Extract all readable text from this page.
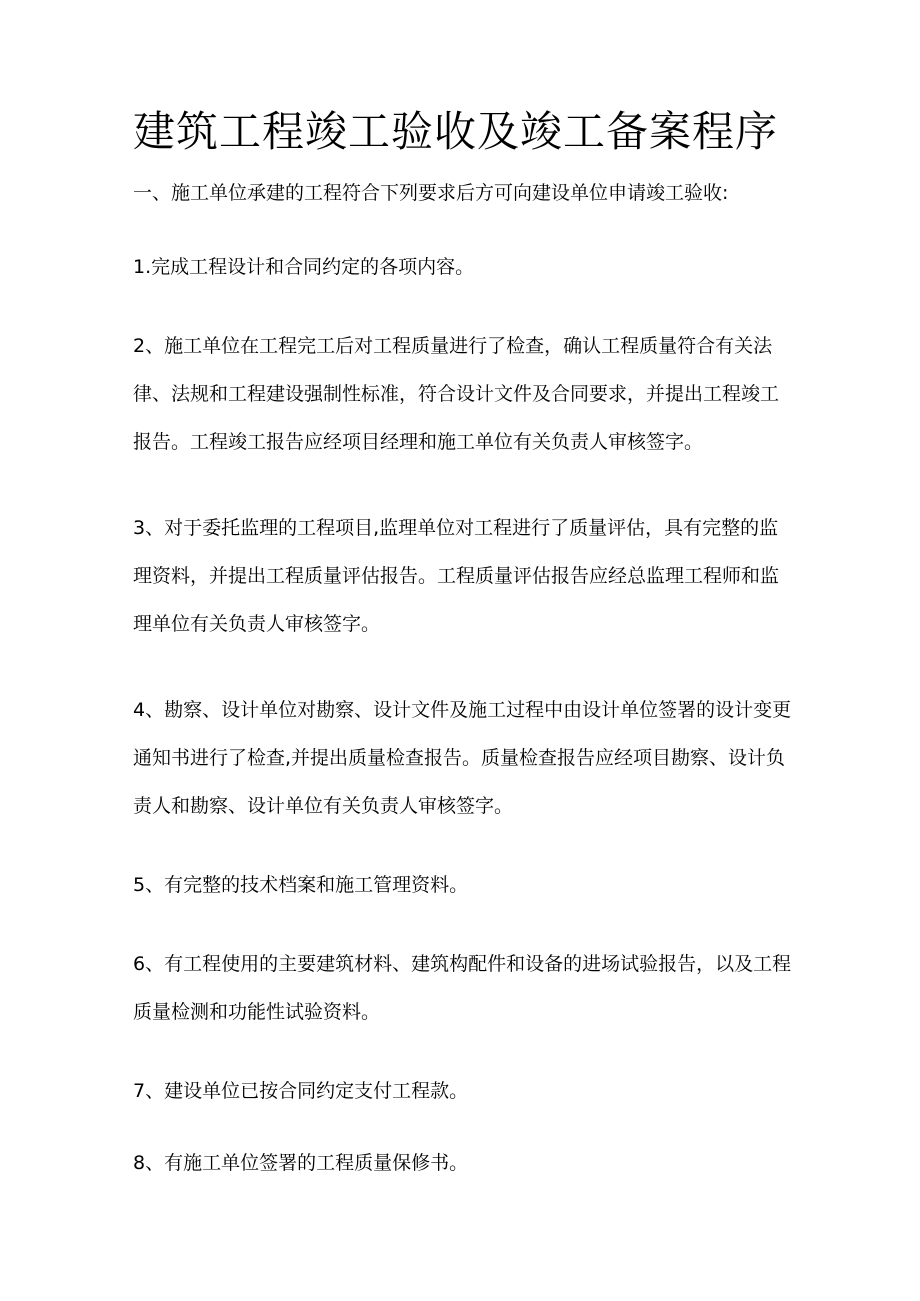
建筑工程竣工验收及竣工备案程序

一、施工单位承建的工程符合下列要求后方可向建设单位申请竣工验收:

1.完成工程设计和合同约定的各项内容。

2、施工单位在工程完工后对工程质量进行了检查，确认工程质量符合有关法律、法规和工程建设强制性标准，符合设计文件及合同要求，并提出工程竣工报告。工程竣工报告应经项目经理和施工单位有关负责人审核签字。

3、对于委托监理的工程项目,监理单位对工程进行了质量评估，具有完整的监理资料，并提出工程质量评估报告。工程质量评估报告应经总监理工程师和监理单位有关负责人审核签字。

4、勘察、设计单位对勘察、设计文件及施工过程中由设计单位签署的设计变更通知书进行了检查,并提出质量检查报告。质量检查报告应经项目勘察、设计负责人和勘察、设计单位有关负责人审核签字。

5、有完整的技术档案和施工管理资料。

6、有工程使用的主要建筑材料、建筑构配件和设备的进场试验报告，以及工程质量检测和功能性试验资料。

7、建设单位已按合同约定支付工程款。

8、有施工单位签署的工程质量保修书。
